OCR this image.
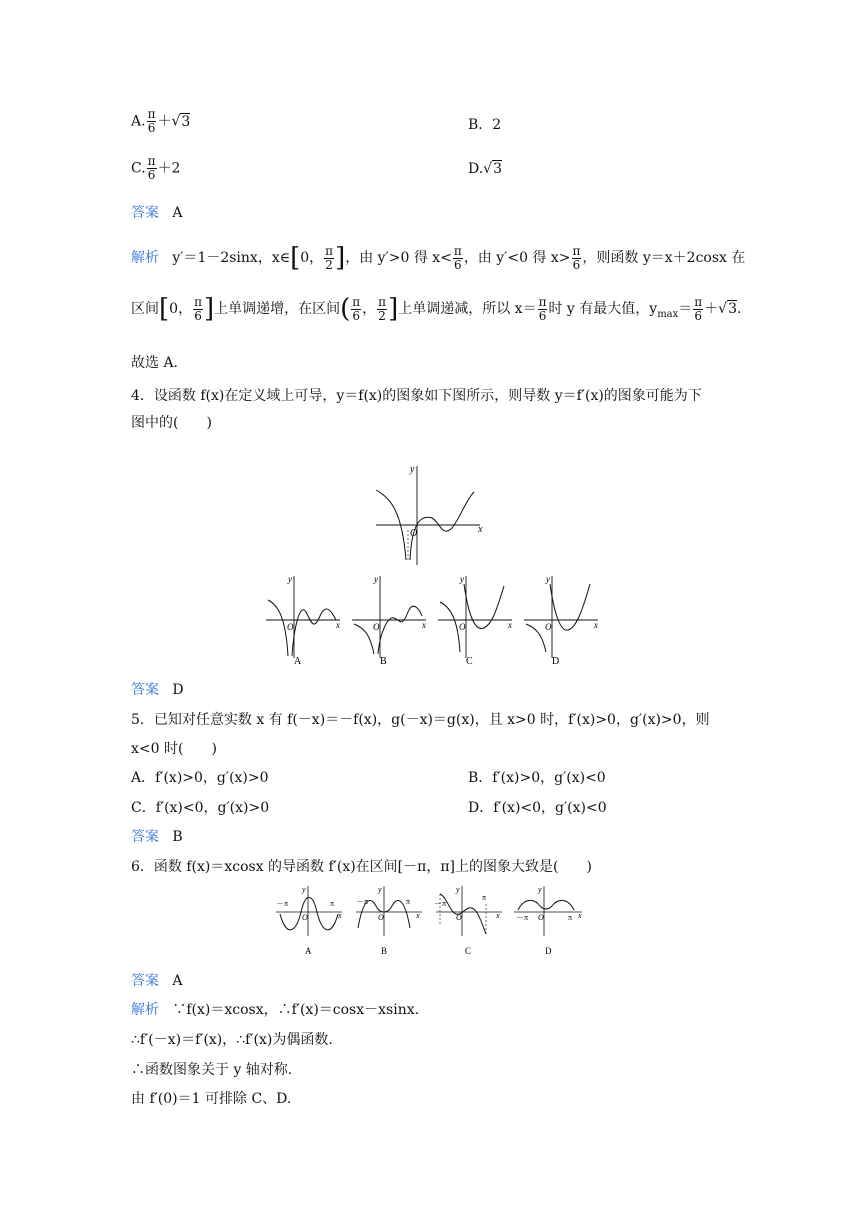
A. $\frac{\pi}{6} +√3$	B．2
C. $\frac{\pi}{6} +2$	D.√3
答案 A
解析   y′＝1－2sinx，x∈[0， $\frac{\pi}{2}$ ]，由 y′>0 得 $x< \frac{\pi}{6}$ ，由 y′<0 得 $x> \frac{\pi}{6}$ ，则函数 y＝x＋2cosx 在
区间[0， $\frac{\pi}{6}$ ]上单调递增，在区间( $\frac{\pi}{6}$ ， $\frac{\pi}{2}$ ]上单调递减，所以 $x= \frac{\pi}{6}$ 时 y 有最大值，$y_{max}= \frac{\pi}{6} +√3$.
故选 A.
4．设函数 f(x)在定义域上可导，y＝f(x)的图象如下图所示，则导数 y＝f′(x)的图象可能为下
图中的(　　)
x
y
O
x
y
O
A
x
y
O
B
x
y
O
C
x
y
O
D
答案 D
5．已知对任意实数 x 有 f(－x)＝－f(x)，g(－x)＝g(x)，且 x>0 时，f′(x)>0，g′(x)>0，则
x<0 时(　　)
A．f′(x)>0，g′(x)>0	B．f′(x)>0，g′(x)<0
C．f′(x)<0，g′(x)>0	D．f′(x)<0，g′(x)<0
答案 B
6．函数 f(x)＝xcosx 的导函数 f′(x)在区间[－π，π]上的图象大致是(　　)
－π	π
x
y
O
A
－π	π
x
y
O
B
－π
π
x
y
O
C
－π	π x
y
O
D
答案 A
解析 ∵f(x)＝xcosx，∴f′(x)＝cosx－xsinx.
∴f′(－x)＝f′(x)，∴f′(x)为偶函数.
∴函数图象关于 y 轴对称.
由 f′(0)＝1 可排除 C、D.
